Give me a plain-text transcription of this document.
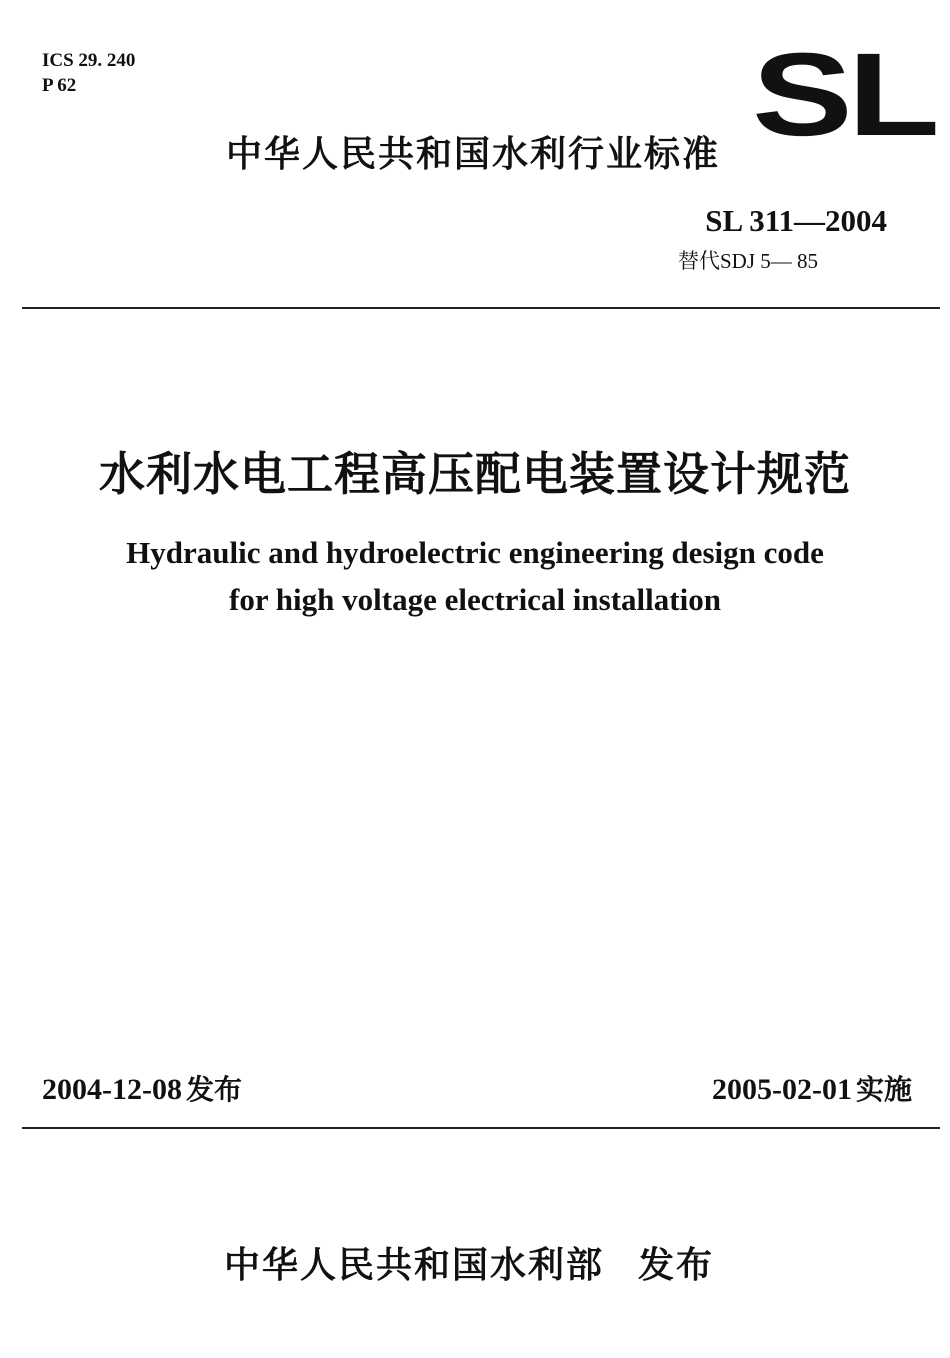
ICS 29. 240
P 62	SL
中华人民共和国水利行业标准
SL 311—2004
替代SDJ 5— 85
水利水电工程高压配电装置设计规范
Hydraulic and hydroelectric engineering design code
for high voltage electrical installation
2004-12-08 发布	2005-02-01 实施
中华人民共和国水利部 发布
